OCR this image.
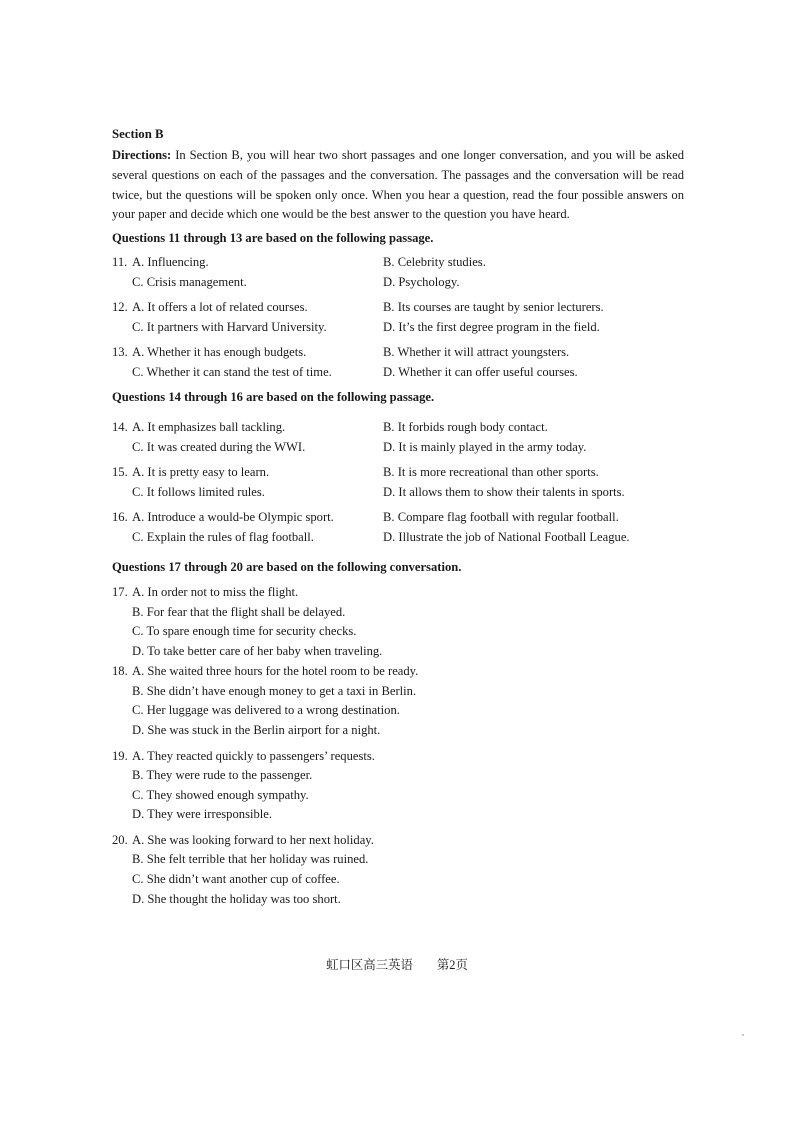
Section B
Directions: In Section B, you will hear two short passages and one longer conversation, and you will be asked several questions on each of the passages and the conversation. The passages and the conversation will be read twice, but the questions will be spoken only once. When you hear a question, read the four possible answers on your paper and decide which one would be the best answer to the question you have heard.
Questions 11 through 13 are based on the following passage.
11. A. Influencing.	B. Celebrity studies.
C. Crisis management.	D. Psychology.
12. A. It offers a lot of related courses.	B. Its courses are taught by senior lecturers.
C. It partners with Harvard University.	D. It’s the first degree program in the field.
13. A. Whether it has enough budgets.	B. Whether it will attract youngsters.
C. Whether it can stand the test of time.	D. Whether it can offer useful courses.
Questions 14 through 16 are based on the following passage.
14. A. It emphasizes ball tackling.	B. It forbids rough body contact.
C. It was created during the WWI.	D. It is mainly played in the army today.
15. A. It is pretty easy to learn.	B. It is more recreational than other sports.
C. It follows limited rules.	D. It allows them to show their talents in sports.
16. A. Introduce a would-be Olympic sport.	B. Compare flag football with regular football.
C. Explain the rules of flag football.	D. Illustrate the job of National Football League.
Questions 17 through 20 are based on the following conversation.
17. A. In order not to miss the flight.
B. For fear that the flight shall be delayed.
C. To spare enough time for security checks.
D. To take better care of her baby when traveling.
18. A. She waited three hours for the hotel room to be ready.
B. She didn’t have enough money to get a taxi in Berlin.
C. Her luggage was delivered to a wrong destination.
D. She was stuck in the Berlin airport for a night.
19. A. They reacted quickly to passengers’ requests.
B. They were rude to the passenger.
C. They showed enough sympathy.
D. They were irresponsible.
20. A. She was looking forward to her next holiday.
B. She felt terrible that her holiday was ruined.
C. She didn’t want another cup of coffee.
D. She thought the holiday was too short.
虹口区高三英语 第2页
